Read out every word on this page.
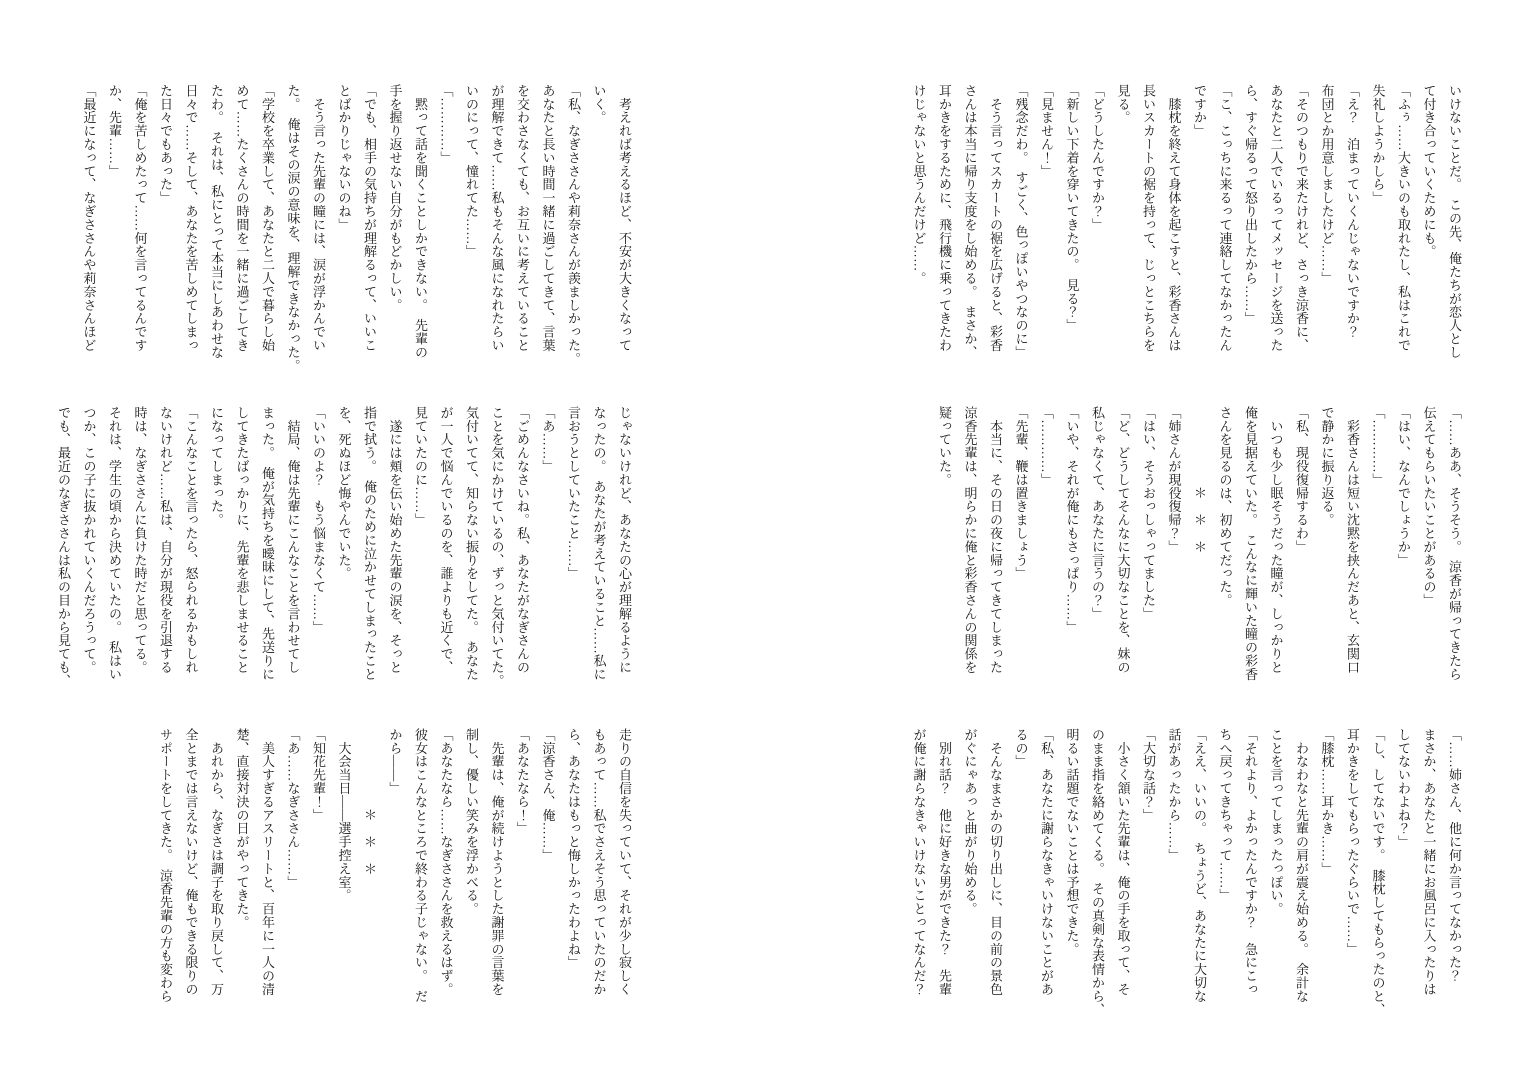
いけないことだ。　この先、俺たちが恋人とし

て付き合っていくためにも。

「ふぅ……大きいのも取れたし、私はこれで

失礼しようかしら」

「え？　泊まっていくんじゃないですか？

布団とか用意しましたけど……」

「そのつもりで来たけれど、さっき涼香に、

あなたと二人でいるってメッセージを送った

ら、すぐ帰るって怒り出したから……」

「こ、こっちに来るって連絡してなかったん

ですか」

　膝枕を終えて身体を起こすと、彩香さんは

長いスカートの裾を持って、じっとこちらを

見る。

「どうしたんですか？」

「新しい下着を穿いてきたの。　見る？」

「見ません！」

「残念だわ。　すごく、色っぽいやつなのに」

　そう言ってスカートの裾を広げると、彩香

さんは本当に帰り支度をし始める。　まさか、

耳かきをするために、飛行機に乗ってきたわ

けじゃないと思うんだけど……。

「……ああ、そうそう。　涼香が帰ってきたら

伝えてもらいたいことがあるの」

「はい、なんでしょうか」

「…………」

　彩香さんは短い沈黙を挟んだあと、玄関口

で静かに振り返る。

「私、現役復帰するわ」

　いつも少し眠そうだった瞳が、しっかりと

俺を見据えていた。　こんなに輝いた瞳の彩香

さんを見るのは、初めてだった。

　　　　　　＊　＊　＊

「姉さんが現役復帰？」

「はい、そうおっしゃってました」

「ど、どうしてそんなに大切なことを、妹の

私じゃなくて、あなたに言うの？」

「いや、それが俺にもさっぱり……」

「…………」

「先輩、鞭は置きましょう」

　本当に、その日の夜に帰ってきてしまった

涼香先輩は、明らかに俺と彩香さんの関係を

疑っていた。

「……姉さん、他に何か言ってなかった？

まさか、あなたと一緒にお風呂に入ったりは

してないわよね？」

「し、してないです。　膝枕してもらったのと、

耳かきをしてもらったぐらいで……」

「膝枕……耳かき……」

　わなわなと先輩の肩が震え始める。　余計な

ことを言ってしまったっぽい。

「それより、よかったんですか？　急にこっ

ちへ戻ってきちゃって……」

「ええ、いいの。　ちょうど、あなたに大切な

話があったから……」

「大切な話？」

　小さく頷いた先輩は、俺の手を取って、そ

のまま指を絡めてくる。　その真剣な表情から、

明るい話題でないことは予想できた。

「私、あなたに謝らなきゃいけないことがあ

るの」

　そんなまさかの切り出しに、目の前の景色

がぐにゃあっと曲がり始める。

　別れ話？　他に好きな男ができた？　先輩

が俺に謝らなきゃいけないことってなんだ？

　考えれば考えるほど、不安が大きくなって

いく。

「私、なぎささんや莉奈さんが羨ましかった。

あなたと長い時間一緒に過ごしてきて、言葉

を交わさなくても、お互いに考えていること

が理解できて……私もそんな風になれたらい

いのにって、憧れてた……」

「…………」

　黙って話を聞くことしかできない。　先輩の

手を握り返せない自分がもどかしい。

「でも、相手の気持ちが理解るって、いいこ

とばかりじゃないのね」

　そう言った先輩の瞳には、涙が浮かんでい

た。　俺はその涙の意味を、理解できなかった。

「学校を卒業して、あなたと二人で暮らし始

めて……たくさんの時間を一緒に過ごしてき

たわ。　それは、私にとって本当にしあわせな

日々で……そして、あなたを苦しめてしまっ

た日々でもあった」

「俺を苦しめたって……何を言ってるんです

か、先輩……」

「最近になって、なぎささんや莉奈さんほど

じゃないけれど、あなたの心が理解るように

なったの。　あなたが考えていること……私に

言おうとしていたこと……」

「あ……」

「ごめんなさいね。私、あなたがなぎさんの

ことを気にかけているの、ずっと気付いてた。

気付いてて、知らない振りをしてた。　あなた

が一人で悩んでいるのを、誰よりも近くで、

見ていたのに……」

　遂には頬を伝い始めた先輩の涙を、そっと

指で拭う。　俺のために泣かせてしまったこと

を、死ぬほど悔やんでいた。

「いいのよ？　もう悩まなくて……」

　結局、俺は先輩にこんなことを言わせてし

まった。　俺が気持ちを曖昧にして、先送りに

してきたばっかりに、先輩を悲しませること

になってしまった。

「こんなことを言ったら、怒られるかもしれ

ないけれど……私は、自分が現役を引退する

時は、なぎささんに負けた時だと思ってる。

それは、学生の頃から決めていたの。　私はい

つか、この子に抜かれていくんだろうって。

でも、最近のなぎささんは私の目から見ても、

走りの自信を失っていて、それが少し寂しく

もあって……私でさえそう思っていたのだか

ら、あなたはもっと悔しかったわよね」

「涼香さん、俺……」

「あなたなら！」

　先輩は、俺が続けようとした謝罪の言葉を

制し、優しい笑みを浮かべる。

「あなたなら……なぎささんを救えるはず。

彼女はこんなところで終わる子じゃない。　だ

から――」

　　　　　　＊　＊　＊

　大会当日――選手控え室。

「知花先輩！」

「あ……なぎささん……」

　美人すぎるアスリートと、百年に一人の清

楚、直接対決の日がやってきた。

　あれから、なぎさは調子を取り戻して、万

全とまでは言えないけど、俺もできる限りの

サポートをしてきた。　涼香先輩の方も変わら
